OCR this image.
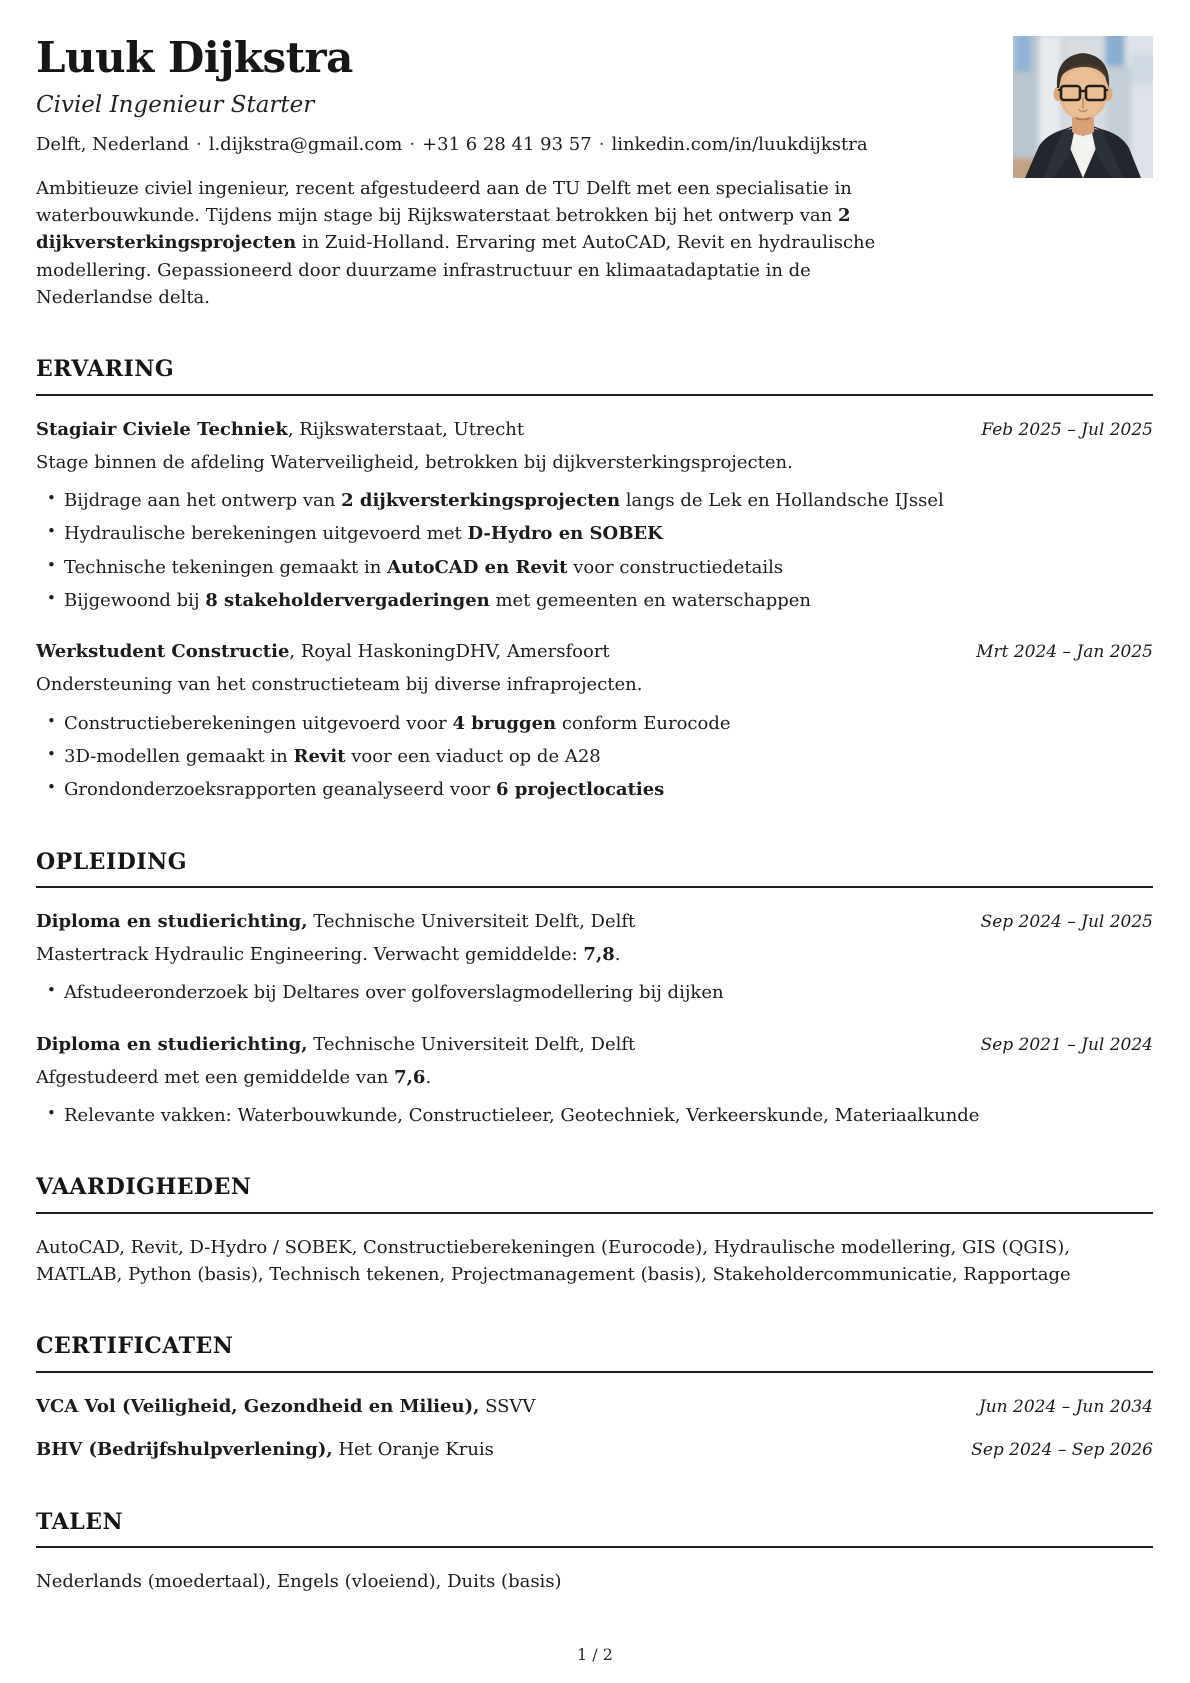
Luuk Dijkstra
Civiel Ingenieur Starter
Delft, Nederland · l.dijkstra@gmail.com · +31 6 28 41 93 57 · linkedin.com/in/luukdijkstra

Ambitieuze civiel ingenieur, recent afgestudeerd aan de TU Delft met een specialisatie in waterbouwkunde. Tijdens mijn stage bij Rijkswaterstaat betrokken bij het ontwerp van 2 dijkversterkingsprojecten in Zuid-Holland. Ervaring met AutoCAD, Revit en hydraulische modellering. Gepassioneerd door duurzame infrastructuur en klimaatadaptatie in de Nederlandse delta.

ERVARING
Stagiair Civiele Techniek, Rijkswaterstaat, Utrecht	Feb 2025 – Jul 2025

Stage binnen de afdeling Waterveiligheid, betrokken bij dijkversterkingsprojecten.

• Bijdrage aan het ontwerp van 2 dijkversterkingsprojecten langs de Lek en Hollandsche IJssel
• Hydraulische berekeningen uitgevoerd met D-Hydro en SOBEK
• Technische tekeningen gemaakt in AutoCAD en Revit voor constructiedetails
• Bijgewoond bij 8 stakeholdervergaderingen met gemeenten en waterschappen
Werkstudent Constructie, Royal HaskoningDHV, Amersfoort	Mrt 2024 – Jan 2025

Ondersteuning van het constructieteam bij diverse infraprojecten.

• Constructieberekeningen uitgevoerd voor 4 bruggen conform Eurocode
• 3D-modellen gemaakt in Revit voor een viaduct op de A28
• Grondonderzoeksrapporten geanalyseerd voor 6 projectlocaties
OPLEIDING
Diploma en studierichting, Technische Universiteit Delft, Delft	Sep 2024 – Jul 2025

Mastertrack Hydraulic Engineering. Verwacht gemiddelde: 7,8.

• Afstudeeronderzoek bij Deltares over golfoverslagmodellering bij dijken
Diploma en studierichting, Technische Universiteit Delft, Delft	Sep 2021 – Jul 2024

Afgestudeerd met een gemiddelde van 7,6.

• Relevante vakken: Waterbouwkunde, Constructieleer, Geotechniek, Verkeerskunde, Materiaalkunde
VAARDIGHEDEN

AutoCAD, Revit, D-Hydro / SOBEK, Constructieberekeningen (Eurocode), Hydraulische modellering, GIS (QGIS), MATLAB, Python (basis), Technisch tekenen, Projectmanagement (basis), Stakeholdercommunicatie, Rapportage

CERTIFICATEN
VCA Vol (Veiligheid, Gezondheid en Milieu), SSVV	Jun 2024 – Jun 2034
BHV (Bedrijfshulpverlening), Het Oranje Kruis	Sep 2024 – Sep 2026
TALEN

Nederlands (moedertaal), Engels (vloeiend), Duits (basis)

1 / 2
